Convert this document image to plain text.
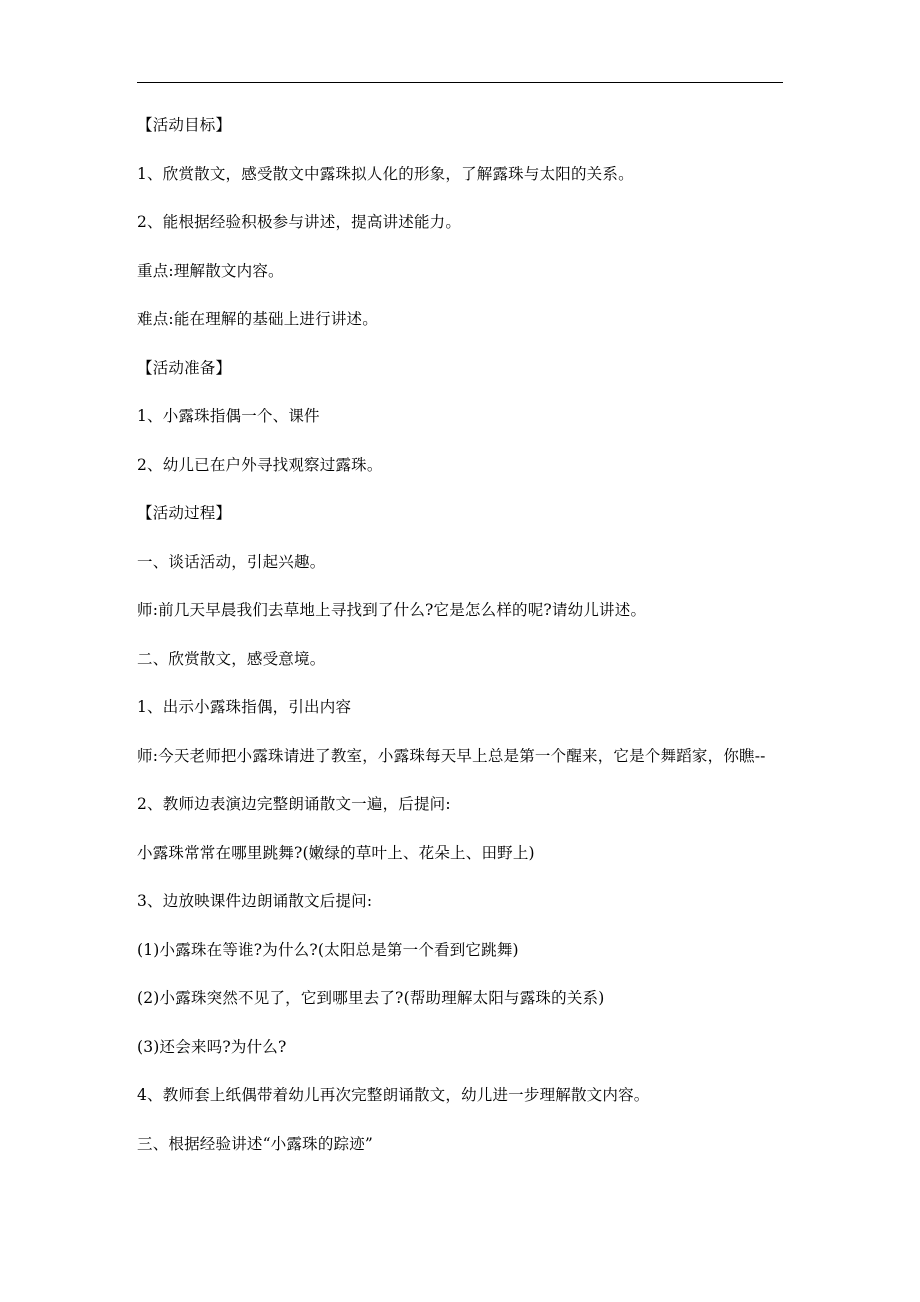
【活动目标】
1、欣赏散文，感受散文中露珠拟人化的形象，了解露珠与太阳的关系。
2、能根据经验积极参与讲述，提高讲述能力。
重点:理解散文内容。
难点:能在理解的基础上进行讲述。
【活动准备】
1、小露珠指偶一个、课件
2、幼儿已在户外寻找观察过露珠。
【活动过程】
一、谈话活动，引起兴趣。
师:前几天早晨我们去草地上寻找到了什么?它是怎么样的呢?请幼儿讲述。
二、欣赏散文，感受意境。
1、出示小露珠指偶，引出内容
师:今天老师把小露珠请进了教室，小露珠每天早上总是第一个醒来，它是个舞蹈家，你瞧--
2、教师边表演边完整朗诵散文一遍，后提问:
小露珠常常在哪里跳舞?(嫩绿的草叶上、花朵上、田野上)
3、边放映课件边朗诵散文后提问:
(1)小露珠在等谁?为什么?(太阳总是第一个看到它跳舞)
(2)小露珠突然不见了，它到哪里去了?(帮助理解太阳与露珠的关系)
(3)还会来吗?为什么?
4、教师套上纸偶带着幼儿再次完整朗诵散文，幼儿进一步理解散文内容。
三、根据经验讲述“小露珠的踪迹”
